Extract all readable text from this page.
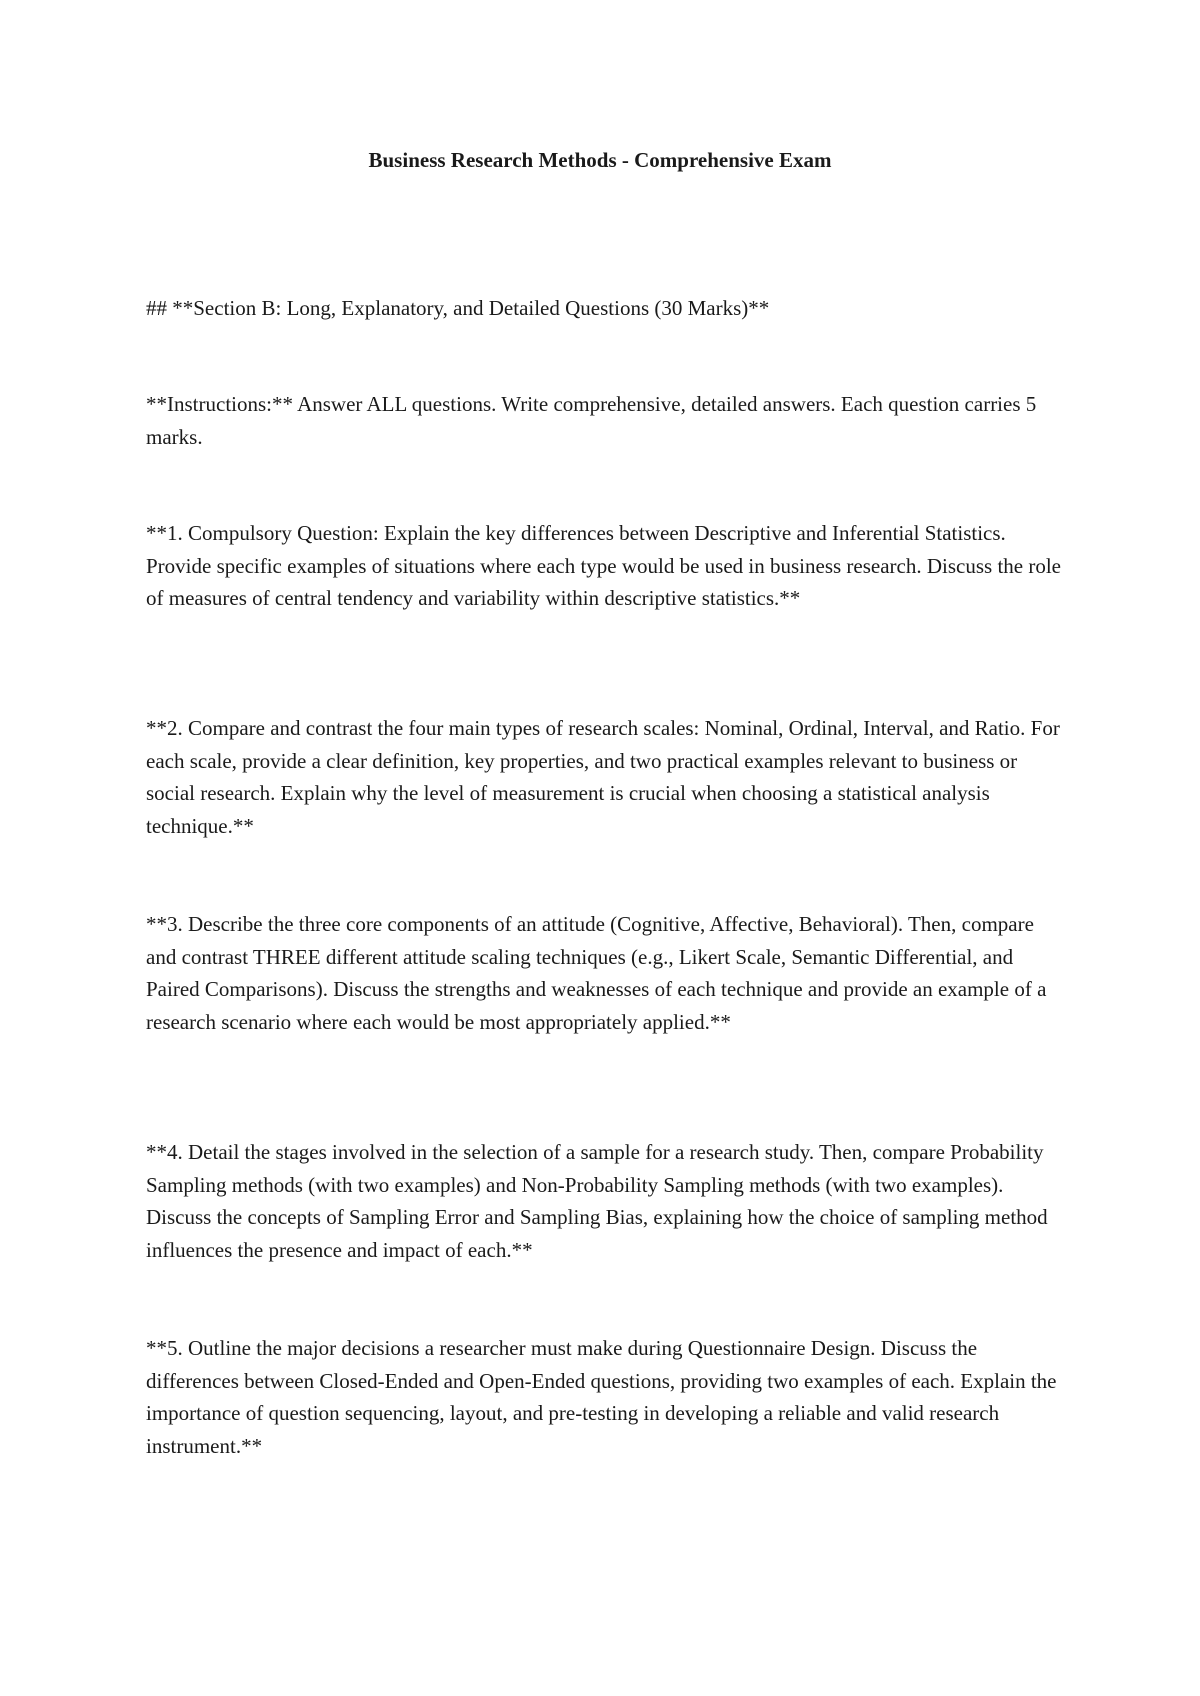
Business Research Methods - Comprehensive Exam

## **Section B: Long, Explanatory, and Detailed Questions (30 Marks)**

**Instructions:** Answer ALL questions. Write comprehensive, detailed answers. Each question carries 5 marks.

**1. Compulsory Question: Explain the key differences between Descriptive and Inferential Statistics. Provide specific examples of situations where each type would be used in business research. Discuss the role of measures of central tendency and variability within descriptive statistics.**

**2. Compare and contrast the four main types of research scales: Nominal, Ordinal, Interval, and Ratio. For each scale, provide a clear definition, key properties, and two practical examples relevant to business or social research. Explain why the level of measurement is crucial when choosing a statistical analysis technique.**

**3. Describe the three core components of an attitude (Cognitive, Affective, Behavioral). Then, compare and contrast THREE different attitude scaling techniques (e.g., Likert Scale, Semantic Differential, and Paired Comparisons). Discuss the strengths and weaknesses of each technique and provide an example of a research scenario where each would be most appropriately applied.**

**4. Detail the stages involved in the selection of a sample for a research study. Then, compare Probability Sampling methods (with two examples) and Non-Probability Sampling methods (with two examples). Discuss the concepts of Sampling Error and Sampling Bias, explaining how the choice of sampling method influences the presence and impact of each.**

**5. Outline the major decisions a researcher must make during Questionnaire Design. Discuss the differences between Closed-Ended and Open-Ended questions, providing two examples of each. Explain the importance of question sequencing, layout, and pre-testing in developing a reliable and valid research instrument.**
